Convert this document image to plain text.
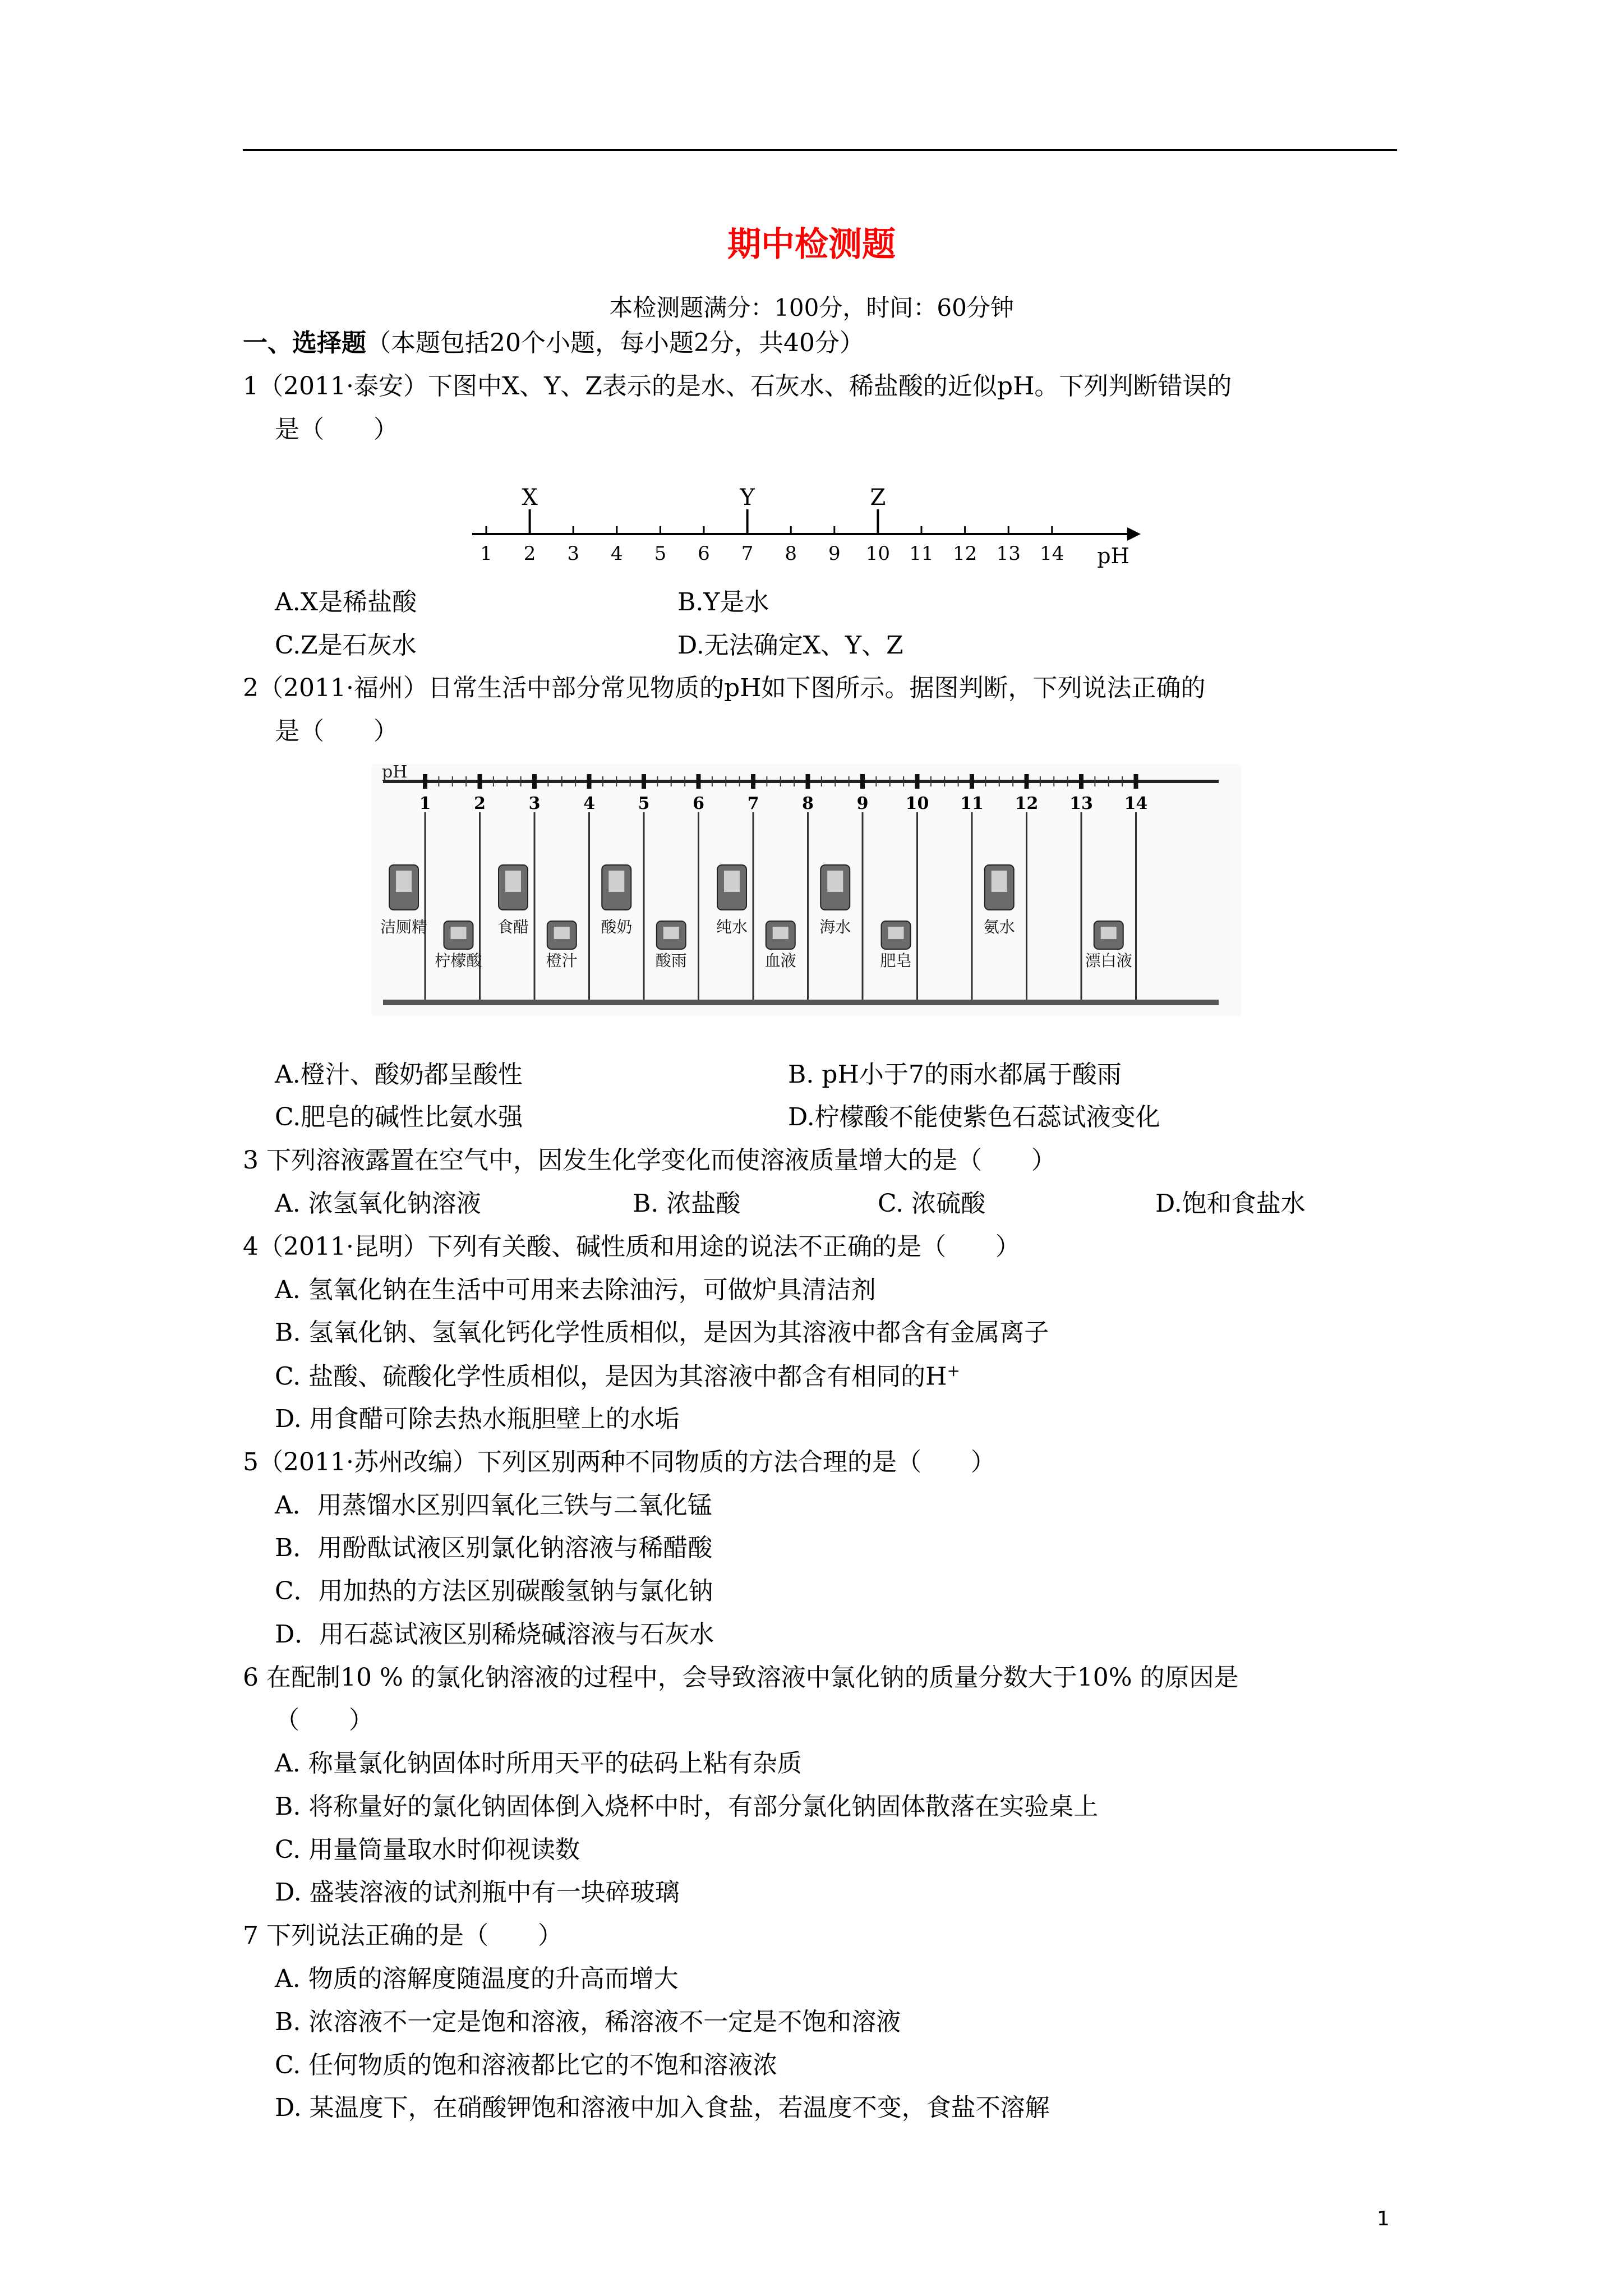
期中检测题
本检测题满分：100分，时间：60分钟
一、选择题（本题包括20个小题，每小题2分，共40分）
1（2011·泰安）下图中X、Y、Z表示的是水、石灰水、稀盐酸的近似pH。下列判断错误的
是（　　）
1 2 3 4 5 6 7 8 9 10 11 12 13 14 pH
X	Y	Z
A.X是稀盐酸	B.Y是水
C.Z是石灰水	D.无法确定X、Y、Z
2（2011·福州）日常生活中部分常见物质的pH如下图所示。据图判断，下列说法正确的
是（　　）
pH
1	2	3	4	5	6	7	8	9 10 11 12 13 14
洁厕精
柠檬酸
食醋
橙汁
酸奶
酸雨
纯水
血液
海水
肥皂
氨水
漂白液
A.橙汁、酸奶都呈酸性	B. pH小于7的雨水都属于酸雨
C.肥皂的碱性比氨水强	D.柠檬酸不能使紫色石蕊试液变化
3 下列溶液露置在空气中，因发生化学变化而使溶液质量增大的是（　　）
A. 浓氢氧化钠溶液	B. 浓盐酸	C. 浓硫酸	D.饱和食盐水
4（2011·昆明）下列有关酸、碱性质和用途的说法不正确的是（　　）
A. 氢氧化钠在生活中可用来去除油污，可做炉具清洁剂
B. 氢氧化钠、氢氧化钙化学性质相似，是因为其溶液中都含有金属离子
C. 盐酸、硫酸化学性质相似，是因为其溶液中都含有相同的H+
D. 用食醋可除去热水瓶胆壁上的水垢
5（2011·苏州改编）下列区别两种不同物质的方法合理的是（　　）
A．用蒸馏水区别四氧化三铁与二氧化锰
B．用酚酞试液区别氯化钠溶液与稀醋酸
C．用加热的方法区别碳酸氢钠与氯化钠
D．用石蕊试液区别稀烧碱溶液与石灰水
6 在配制10 % 的氯化钠溶液的过程中，会导致溶液中氯化钠的质量分数大于10% 的原因是
（　　）
A. 称量氯化钠固体时所用天平的砝码上粘有杂质
B. 将称量好的氯化钠固体倒入烧杯中时，有部分氯化钠固体散落在实验桌上
C. 用量筒量取水时仰视读数
D. 盛装溶液的试剂瓶中有一块碎玻璃
7 下列说法正确的是（　　）
A. 物质的溶解度随温度的升高而增大
B. 浓溶液不一定是饱和溶液，稀溶液不一定是不饱和溶液
C. 任何物质的饱和溶液都比它的不饱和溶液浓
D. 某温度下，在硝酸钾饱和溶液中加入食盐，若温度不变，食盐不溶解
1
